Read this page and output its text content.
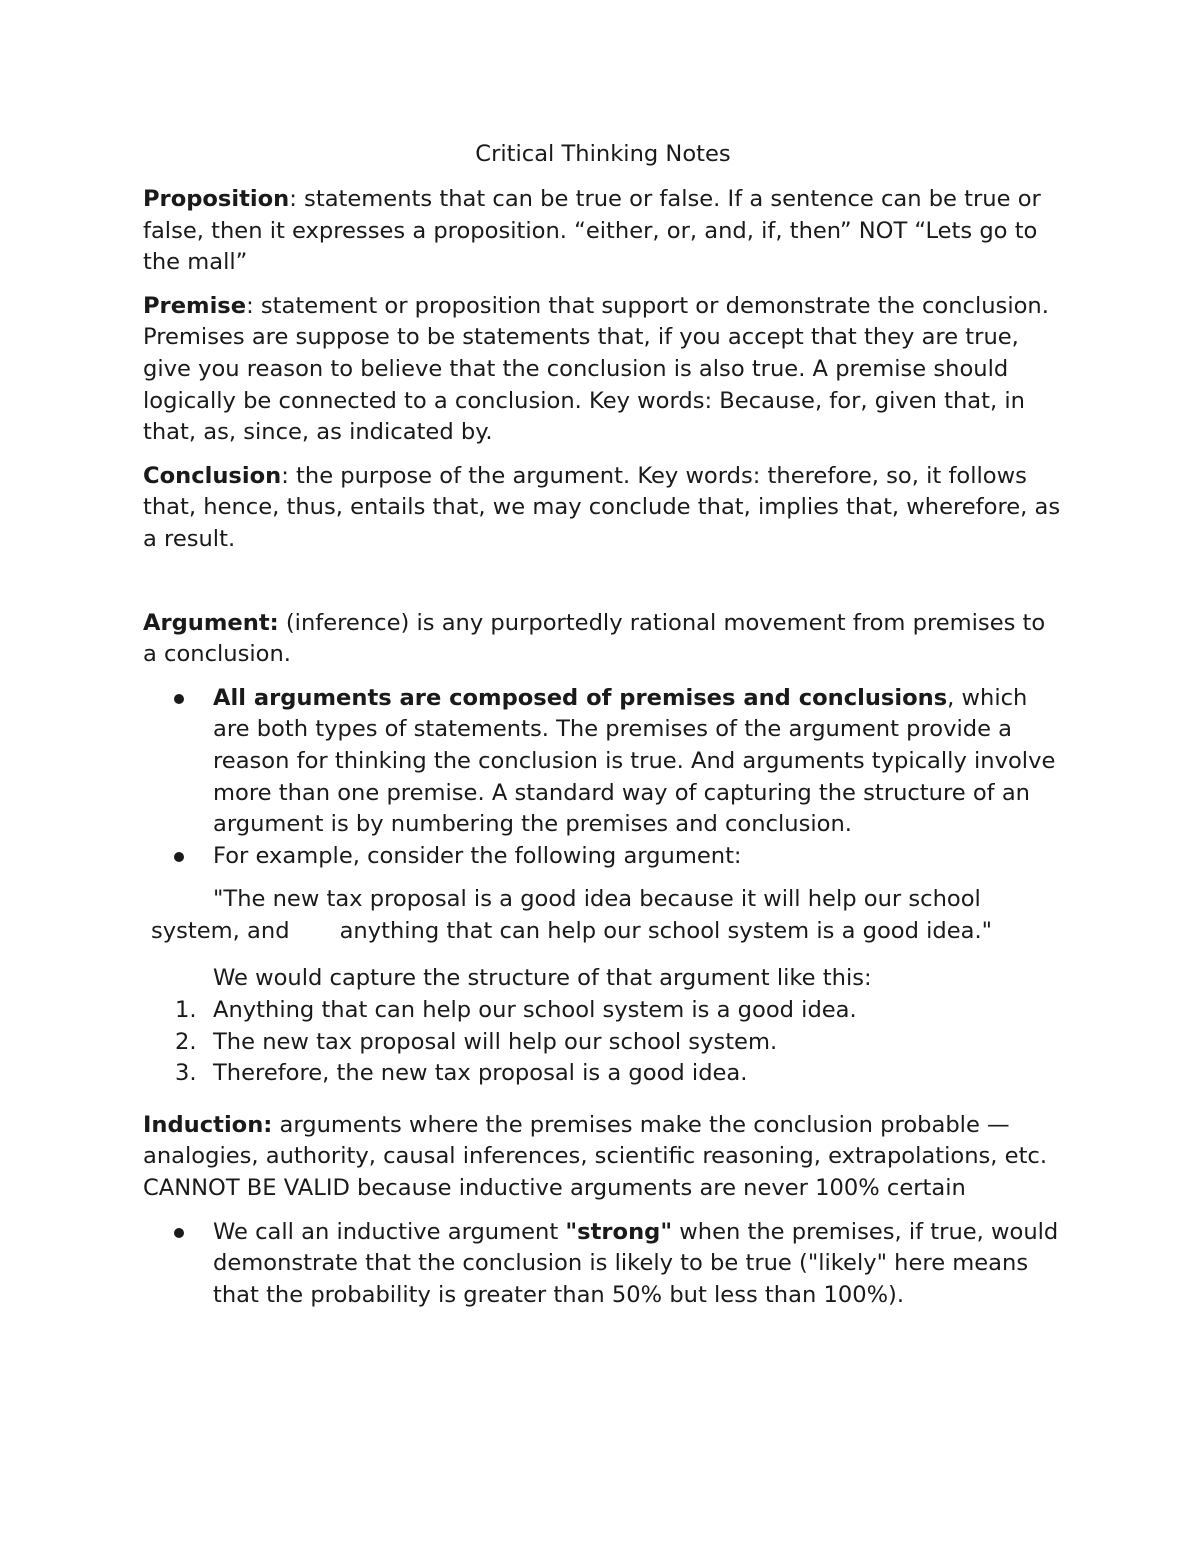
Critical Thinking Notes

Proposition: statements that can be true or false. If a sentence can be true or false, then it expresses a proposition. “either, or, and, if, then” NOT “Lets go to the mall”

Premise: statement or proposition that support or demonstrate the conclusion. Premises are suppose to be statements that, if you accept that they are true, give you reason to believe that the conclusion is also true. A premise should logically be connected to a conclusion. Key words: Because, for, given that, in that, as, since, as indicated by.

Conclusion: the purpose of the argument. Key words: therefore, so, it follows that, hence, thus, entails that, we may conclude that, implies that, wherefore, as a result.

Argument: (inference) is any purportedly rational movement from premises to a conclusion.

All arguments are composed of premises and conclusions, which are both types of statements. The premises of the argument provide a reason for thinking the conclusion is true. And arguments typically involve more than one premise. A standard way of capturing the structure of an argument is by numbering the premises and conclusion.
For example, consider the following argument:
"The new tax proposal is a good idea because it will help our school
system, and anything that can help our school system is a good idea."
We would capture the structure of that argument like this:
1. Anything that can help our school system is a good idea.
2. The new tax proposal will help our school system.
3. Therefore, the new tax proposal is a good idea.

Induction: arguments where the premises make the conclusion probable — analogies, authority, causal inferences, scientific reasoning, extrapolations, etc. CANNOT BE VALID because inductive arguments are never 100% certain

We call an inductive argument "strong" when the premises, if true, would demonstrate that the conclusion is likely to be true ("likely" here means that the probability is greater than 50% but less than 100%).
